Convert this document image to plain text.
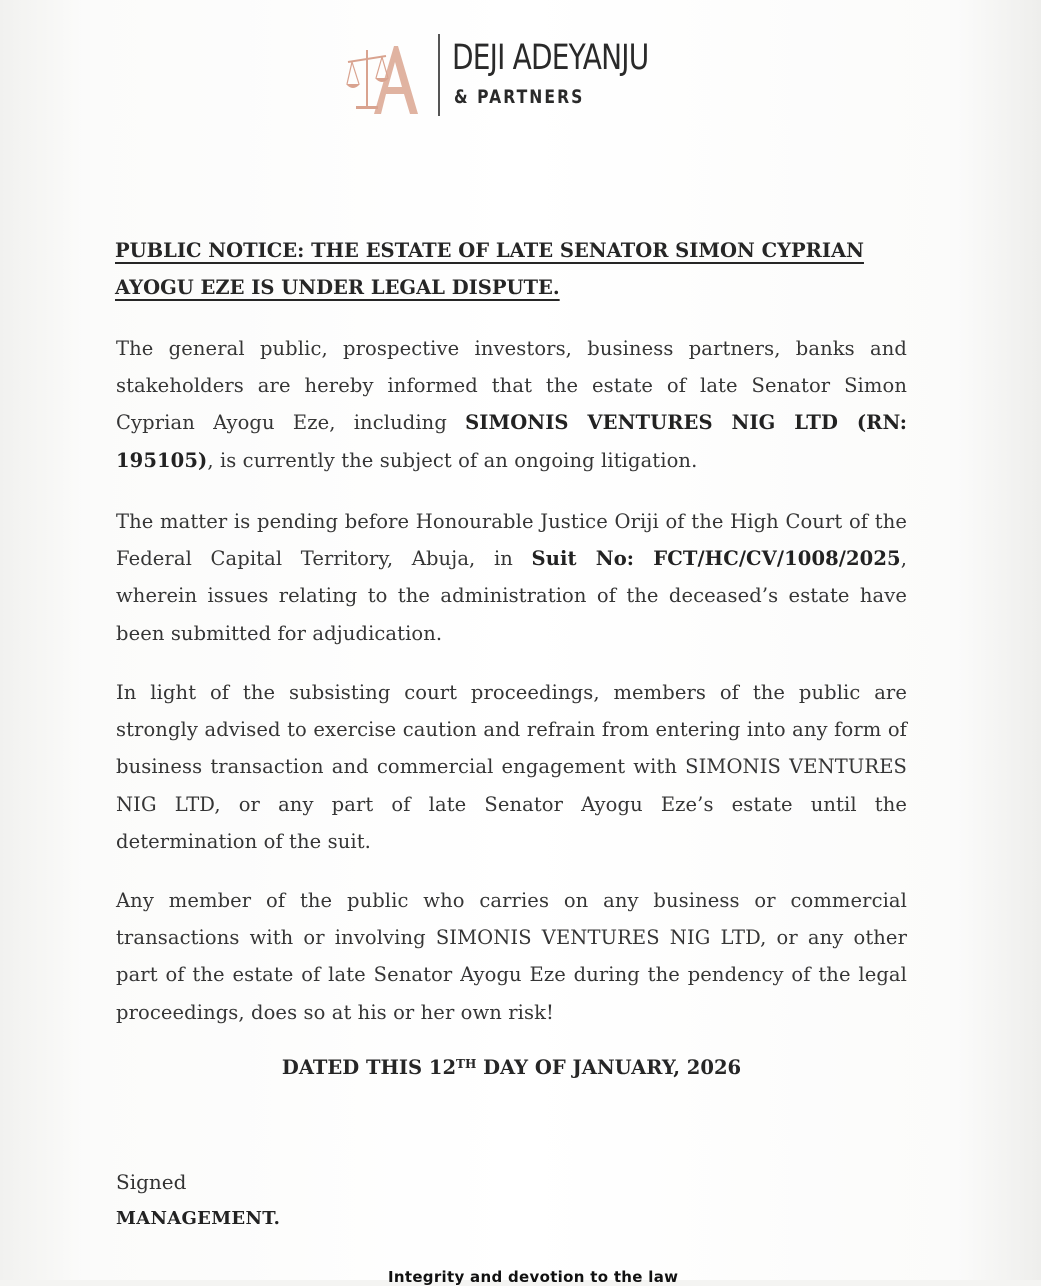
DEJI ADEYANJU
& PARTNERS
PUBLIC NOTICE: THE ESTATE OF LATE SENATOR SIMON CYPRIAN
AYOGU EZE IS UNDER LEGAL DISPUTE.
The general public, prospective investors, business partners, banks and stakeholders are hereby informed that the estate of late Senator Simon Cyprian Ayogu Eze, including SIMONIS VENTURES NIG LTD (RN: 195105), is currently the subject of an ongoing litigation.
The matter is pending before Honourable Justice Oriji of the High Court of the Federal Capital Territory, Abuja, in Suit No: FCT/HC/CV/1008/2025, wherein issues relating to the administration of the deceased’s estate have been submitted for adjudication.
In light of the subsisting court proceedings, members of the public are strongly advised to exercise caution and refrain from entering into any form of business transaction and commercial engagement with SIMONIS VENTURES NIG LTD, or any part of late Senator Ayogu Eze’s estate until the determination of the suit.
Any member of the public who carries on any business or commercial transactions with or involving SIMONIS VENTURES NIG LTD, or any other part of the estate of late Senator Ayogu Eze during the pendency of the legal proceedings, does so at his or her own risk!
DATED THIS 12TH DAY OF JANUARY, 2026
Signed
MANAGEMENT.
Integrity and devotion to the law
